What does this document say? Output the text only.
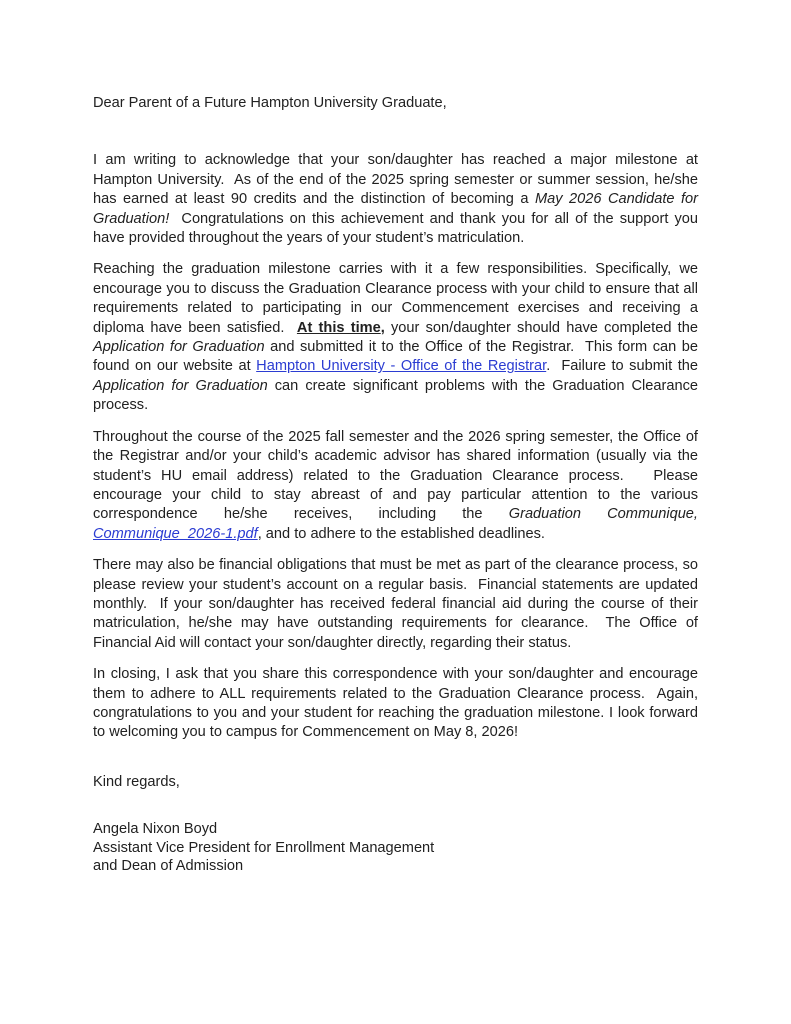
Dear Parent of a Future Hampton University Graduate,

I am writing to acknowledge that your son/daughter has reached a major milestone at Hampton University.  As of the end of the 2025 spring semester or summer session, he/she has earned at least 90 credits and the distinction of becoming a May 2026 Candidate for Graduation!  Congratulations on this achievement and thank you for all of the support you have provided throughout the years of your student’s matriculation.

Reaching the graduation milestone carries with it a few responsibilities. Specifically, we encourage you to discuss the Graduation Clearance process with your child to ensure that all requirements related to participating in our Commencement exercises and receiving a diploma have been satisfied.  At this time, your son/daughter should have completed the Application for Graduation and submitted it to the Office of the Registrar.  This form can be found on our website at Hampton University - Office of the Registrar.  Failure to submit the Application for Graduation can create significant problems with the Graduation Clearance process.

Throughout the course of the 2025 fall semester and the 2026 spring semester, the Office of the Registrar and/or your child’s academic advisor has shared information (usually via the student’s HU email address) related to the Graduation Clearance process.   Please encourage your child to stay abreast of and pay particular attention to the various correspondence he/she receives, including the Graduation Communique, Communique_2026-1.pdf, and to adhere to the established deadlines.

There may also be financial obligations that must be met as part of the clearance process, so please review your student’s account on a regular basis.  Financial statements are updated monthly.  If your son/daughter has received federal financial aid during the course of their matriculation, he/she may have outstanding requirements for clearance.  The Office of Financial Aid will contact your son/daughter directly, regarding their status.

In closing, I ask that you share this correspondence with your son/daughter and encourage them to adhere to ALL requirements related to the Graduation Clearance process.  Again, congratulations to you and your student for reaching the graduation milestone. I look forward to welcoming you to campus for Commencement on May 8, 2026!

Kind regards,

Angela Nixon Boyd

Assistant Vice President for Enrollment Management

and Dean of Admission
